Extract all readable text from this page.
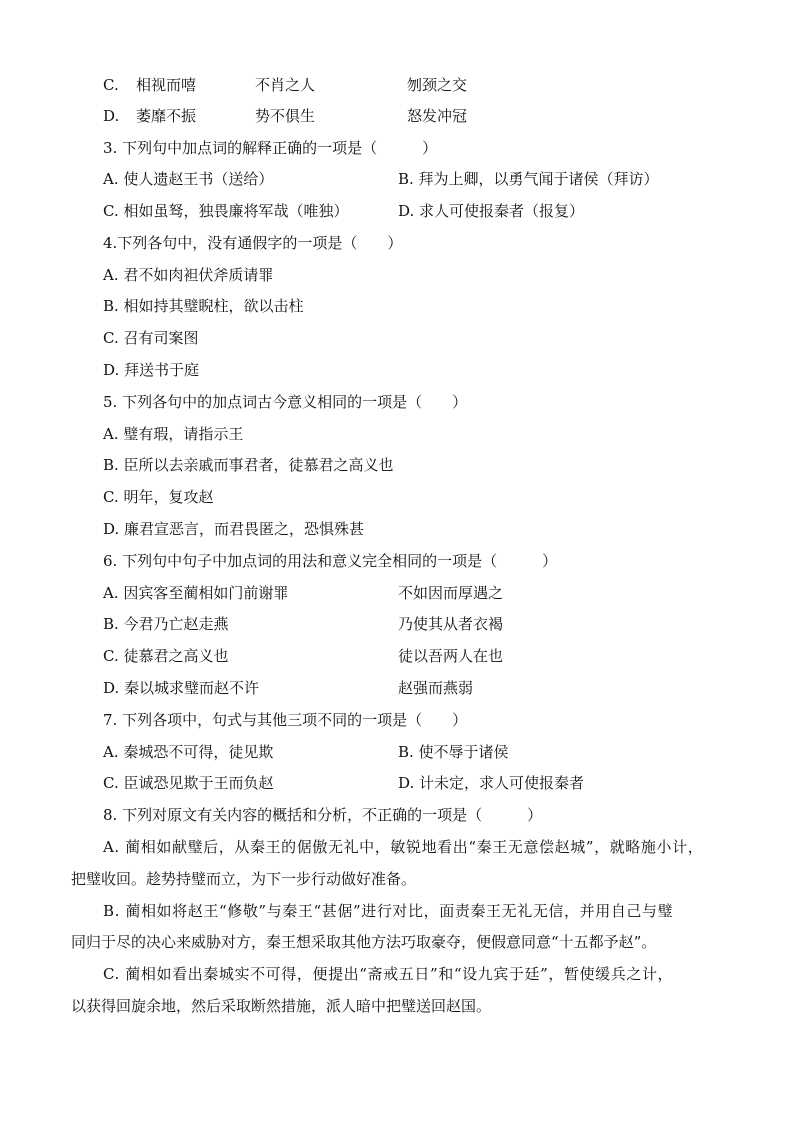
C. 相视而嘻	不肖之人	刎颈之交
D. 萎靡不振	势不俱生	怒发冲冠
3. 下列句中加点词的解释正确的一项是（　　　）
A. 使人遗赵王书（送给）	B. 拜为上卿，以勇气闻于诸侯（拜访）
C. 相如虽驽，独畏廉将军哉（唯独）	D. 求人可使报秦者（报复）
4.下列各句中，没有通假字的一项是（　　）
A. 君不如肉袒伏斧质请罪
B. 相如持其璧睨柱，欲以击柱
C. 召有司案图
D. 拜送书于庭
5. 下列各句中的加点词古今意义相同的一项是（　　）
A. 璧有瑕，请指示王
B. 臣所以去亲戚而事君者，徒慕君之高义也
C. 明年，复攻赵
D. 廉君宣恶言，而君畏匿之，恐惧殊甚
6. 下列句中句子中加点词的用法和意义完全相同的一项是（　　　）
A. 因宾客至蔺相如门前谢罪	不如因而厚遇之
B. 今君乃亡赵走燕	乃使其从者衣褐
C. 徒慕君之高义也	徒以吾两人在也
D. 秦以城求璧而赵不许	赵强而燕弱
7. 下列各项中，句式与其他三项不同的一项是（　　）
A. 秦城恐不可得，徒见欺	B. 使不辱于诸侯
C. 臣诚恐见欺于王而负赵	D. 计未定，求人可使报秦者
8. 下列对原文有关内容的概括和分析，不正确的一项是（　　　）
A. 蔺相如献璧后，从秦王的倨傲无礼中，敏锐地看出“秦王无意偿赵城”，就略施小计，
把璧收回。趁势持璧而立，为下一步行动做好准备。
B. 蔺相如将赵王“修敬”与秦王“甚倨”进行对比，面责秦王无礼无信，并用自己与璧
同归于尽的决心来威胁对方，秦王想采取其他方法巧取豪夺，便假意同意“十五都予赵”。
C. 蔺相如看出秦城实不可得，便提出“斋戒五日”和“设九宾于廷”，暂使缓兵之计，
以获得回旋余地，然后采取断然措施，派人暗中把璧送回赵国。
